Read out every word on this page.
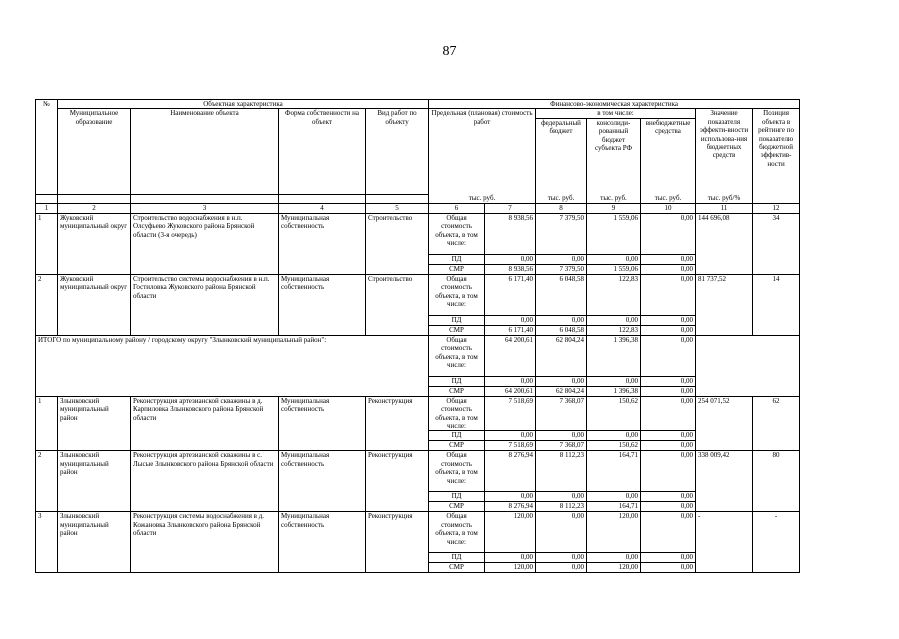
87
№	Объектная характеристика				Финансово-экономическая характеристика							
	Муниципальное образование	Наименование объекта	Форма собственности на объект	Вид работ по объекту	Предельная (плановая) стоимость работ		в том числе:			Значение показателя эффекти-вности использова-ния бюджетных средств	Позиция объекта в рейтинге по показателю бюджетной эффектив-ности	
							федеральный бюджет	консолиди-рованный бюджет субъекта РФ	внебюджетные средства			
					тыс. руб.		тыс. руб.	тыс. руб.	тыс. руб.	тыс. руб/%		
1	2	3	4	5	6	7	8	9	10	11	12	
1	Жуковский муниципальный округ	Строительство водоснабжения в н.п. Олсуфьево Жуковского района Брянской области (3-я очередь)	Муниципальная собственность	Строительство	Общая стоимость объекта, в том числе:	8 938,56	7 379,50	1 559,06	0,00	144 696,08	34	
					ПД	0,00	0,00	0,00	0,00			
					СМР	8 938,56	7 379,50	1 559,06	0,00			
2	Жуковский муниципальный округ	Строительство системы водоснабжения в н.п. Гостиловка Жуковского района Брянской области	Муниципальная собственность	Строительство	Общая стоимость объекта, в том числе:	6 171,40	6 048,58	122,83	0,00	81 737,52	14	
					ПД	0,00	0,00	0,00	0,00			
					СМР	6 171,40	6 048,58	122,83	0,00			
ИТОГО по муниципальному району / городскому округу "Злынковский муниципальный район":					Общая стоимость объекта, в том числе:	64 200,61	62 804,24	1 396,38	0,00			
					ПД	0,00	0,00	0,00	0,00			
					СМР	64 200,61	62 804,24	1 396,38	0,00			
1	Злынковский муниципальный район	Реконструкция артезианской скважины в д. Карпиловка Злынковского района Брянской области	Муниципальная собственность	Реконструкция	Общая стоимость объекта, в том числе:	7 518,69	7 368,07	150,62	0,00	254 071,52	62	
					ПД	0,00	0,00	0,00	0,00			
					СМР	7 518,69	7 368,07	150,62	0,00			
2	Злынковский муниципальный район	Реконструкция артезианской скважины в с. Лысые Злынковского района Брянской области	Муниципальная собственность	Реконструкция	Общая стоимость объекта, в том числе:	8 276,94	8 112,23	164,71	0,00	338 009,42	80	
					ПД	0,00	0,00	0,00	0,00			
					СМР	8 276,94	8 112,23	164,71	0,00			
3	Злынковский муниципальный район	Реконструкция системы водоснабжения в д. Кожановка Злынковского района Брянской области	Муниципальная собственность	Реконструкция	Общая стоимость объекта, в том числе:	120,00	0,00	120,00	0,00	-	-	
					ПД	0,00	0,00	0,00	0,00			
					СМР	120,00	0,00	120,00	0,00			
